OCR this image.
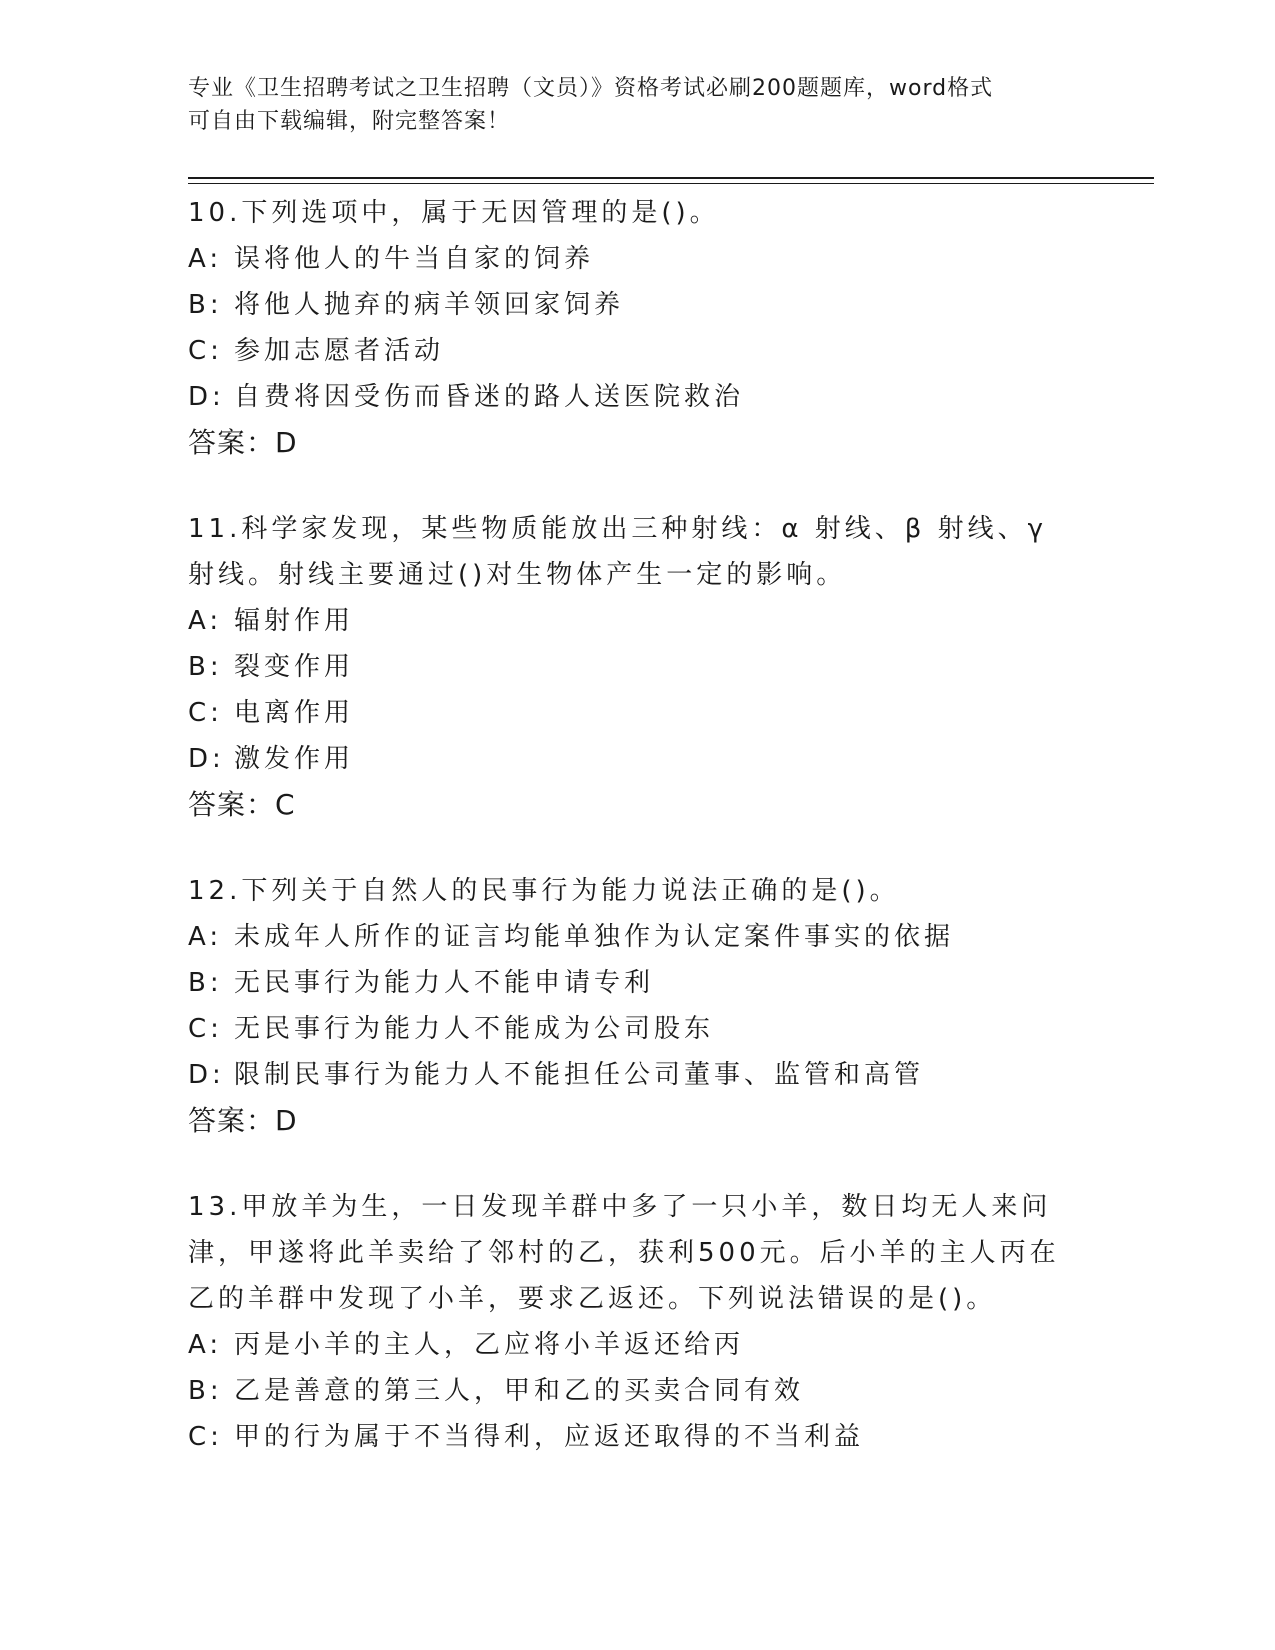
专业《卫生招聘考试之卫生招聘（文员）》资格考试必刷200题题库，word格式
可自由下载编辑，附完整答案！
10.下列选项中，属于无因管理的是()。
A: 误将他人的牛当自家的饲养
B: 将他人抛弃的病羊领回家饲养
C: 参加志愿者活动
D: 自费将因受伤而昏迷的路人送医院救治
答案：D
11.科学家发现，某些物质能放出三种射线：α 射线、β 射线、γ 射线。射线主要通过()对生物体产生一定的影响。
A: 辐射作用
B: 裂变作用
C: 电离作用
D: 激发作用
答案：C
12.下列关于自然人的民事行为能力说法正确的是()。
A: 未成年人所作的证言均能单独作为认定案件事实的依据
B: 无民事行为能力人不能申请专利
C: 无民事行为能力人不能成为公司股东
D: 限制民事行为能力人不能担任公司董事、监管和高管
答案：D
13.甲放羊为生，一日发现羊群中多了一只小羊，数日均无人来问津，甲遂将此羊卖给了邻村的乙，获利500元。后小羊的主人丙在乙的羊群中发现了小羊，要求乙返还。下列说法错误的是()。
A: 丙是小羊的主人，乙应将小羊返还给丙
B: 乙是善意的第三人，甲和乙的买卖合同有效
C: 甲的行为属于不当得利，应返还取得的不当利益
